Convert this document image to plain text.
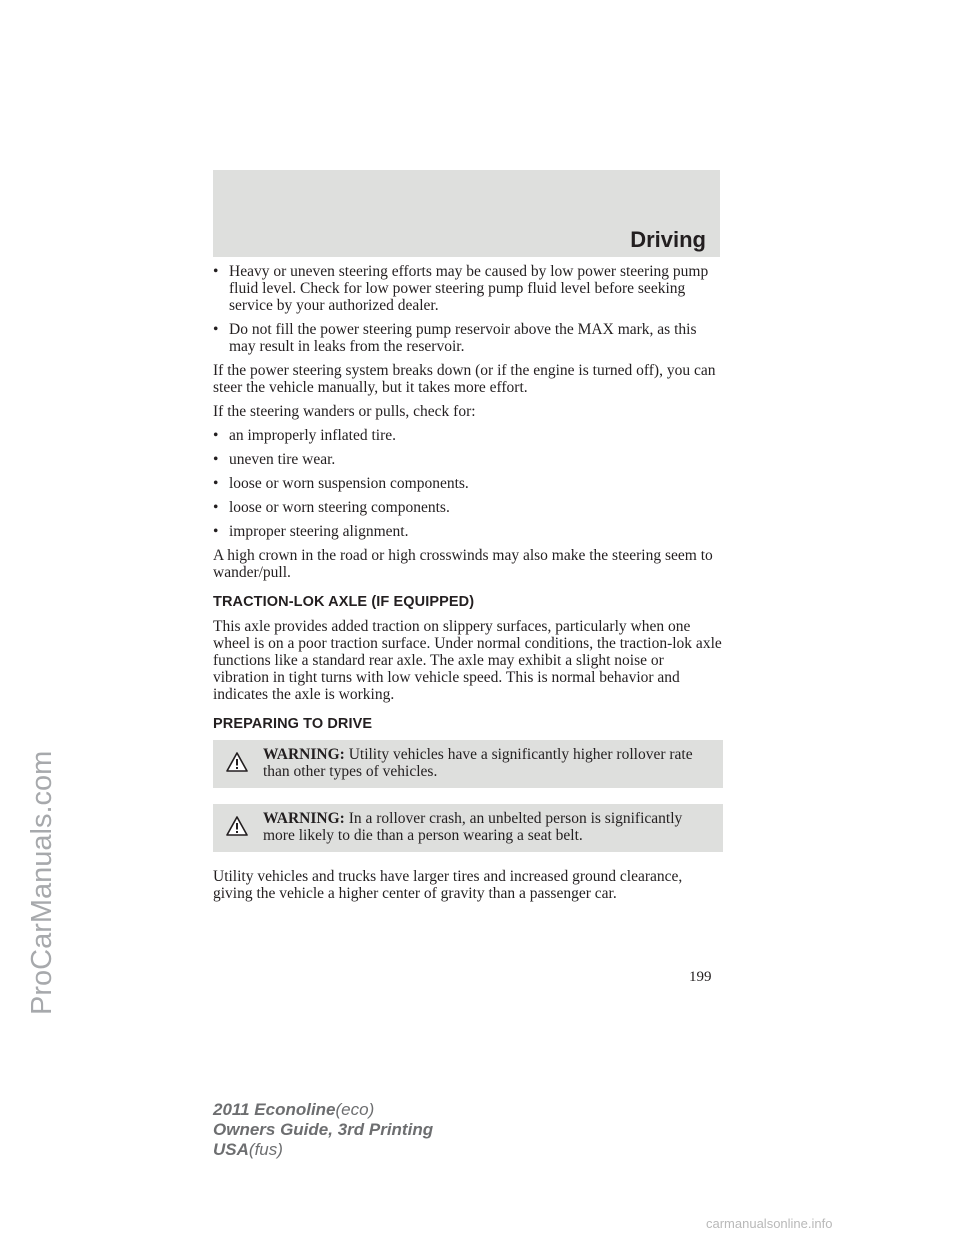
Driving
• Heavy or uneven steering efforts may be caused by low power steering pump fluid level. Check for low power steering pump fluid level before seeking service by your authorized dealer.
• Do not fill the power steering pump reservoir above the MAX mark, as this may result in leaks from the reservoir.

If the power steering system breaks down (or if the engine is turned off), you can steer the vehicle manually, but it takes more effort.

If the steering wanders or pulls, check for:

• an improperly inflated tire.
• uneven tire wear.
• loose or worn suspension components.
• loose or worn steering components.
• improper steering alignment.

A high crown in the road or high crosswinds may also make the steering seem to wander/pull.

TRACTION-LOK AXLE (IF EQUIPPED)

This axle provides added traction on slippery surfaces, particularly when one wheel is on a poor traction surface. Under normal conditions, the traction-lok axle functions like a standard rear axle. The axle may exhibit a slight noise or vibration in tight turns with low vehicle speed. This is normal behavior and indicates the axle is working.

PREPARING TO DRIVE
WARNING: Utility vehicles have a significantly higher rollover rate than other types of vehicles.
WARNING: In a rollover crash, an unbelted person is significantly more likely to die than a person wearing a seat belt.

Utility vehicles and trucks have larger tires and increased ground clearance, giving the vehicle a higher center of gravity than a passenger car.

199
2011 Econoline(eco)
Owners Guide, 3rd Printing
USA(fus)
ProCarManuals.com
carmanualsonline.info
